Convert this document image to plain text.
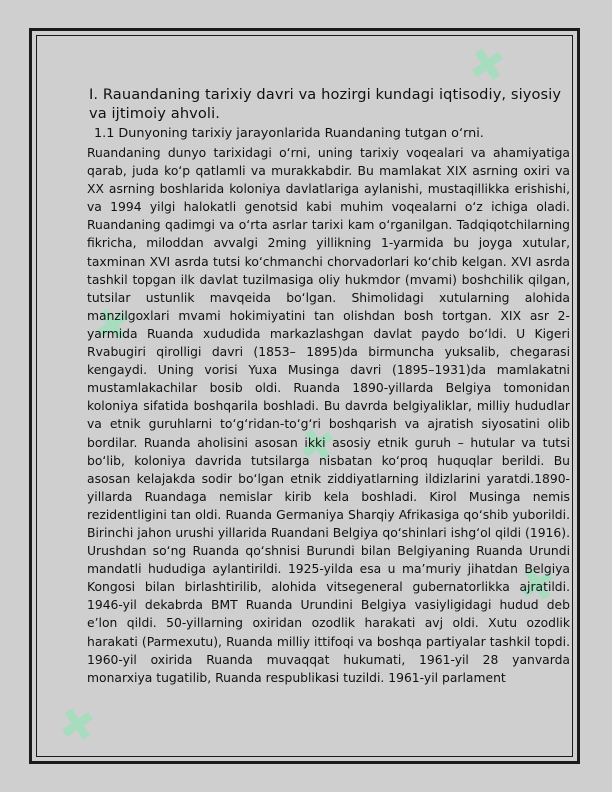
✚
✚
✚
✚
✚
I. Rauandaning tarixiy davri va hozirgi kundagi iqtisodiy, siyosiy va ijtimoiy ahvoli.
1.1 Dunyoning tarixiy jarayonlarida Ruandaning tutgan o‘rni.

Ruandaning dunyo tarixidagi o‘rni, uning tarixiy voqealari va ahamiyatiga qarab, juda ko‘p qatlamli va murakkabdir. Bu mamlakat XIX asrning oxiri va XX asrning boshlarida koloniya davlatlariga aylanishi, mustaqillikka erishishi, va 1994 yilgi halokatli genotsid kabi muhim voqealarni o‘z ichiga oladi. Ruandaning qadimgi va o‘rta asrlar tarixi kam o‘rganilgan. Tadqiqotchilarning fikricha, miloddan avvalgi 2ming yillikning 1-yarmida bu joyga xutular, taxminan XVI asrda tutsi ko‘chmanchi chorvadorlari ko‘chib kelgan. XVI asrda tashkil topgan ilk davlat tuzilmasiga oliy hukmdor (mvami) boshchilik qilgan, tutsilar ustunlik mavqeida bo‘lgan. Shimolidagi xutularning alohida manzilgoxlari mvami hokimiyatini tan olishdan bosh tortgan. XIX asr 2-yarmida Ruanda xududida markazlashgan davlat paydo bo‘ldi. U Kigeri Rvabugiri qirolligi davri (1853– 1895)da birmuncha yuksalib, chegarasi kengaydi. Uning vorisi Yuxa Musinga davri (1895–1931)da mamlakatni mustamlakachilar bosib oldi. Ruanda 1890-yillarda Belgiya tomonidan koloniya sifatida boshqarila boshladi. Bu davrda belgiyaliklar, milliy hududlar va etnik guruhlarni to‘g‘ridan-to‘g‘ri boshqarish va ajratish siyosatini olib bordilar. Ruanda aholisini asosan ikki asosiy etnik guruh – hutular va tutsi bo‘lib, koloniya davrida tutsilarga nisbatan ko‘proq huquqlar berildi. Bu asosan kelajakda sodir bo‘lgan etnik ziddiyatlarning ildizlarini yaratdi.1890-yillarda Ruandaga nemislar kirib kela boshladi. Kirol Musinga nemis rezidentligini tan oldi. Ruanda Germaniya Sharqiy Afrikasiga qo‘shib yuborildi. Birinchi jahon urushi yillarida Ruandani Belgiya qo‘shinlari ishg‘ol qildi (1916). Urushdan so‘ng Ruanda qo‘shnisi Burundi bilan Belgiyaning Ruanda Urundi mandatli hududiga aylantirildi. 1925-yilda esa u ma’muriy jihatdan Belgiya Kongosi bilan birlashtirilib, alohida vitsegeneral gubernatorlikka ajratildi. 1946-yil dekabrda BMT Ruanda Urundini Belgiya vasiyligidagi hudud deb e’lon qildi. 50-yillarning oxiridan ozodlik harakati avj oldi. Xutu ozodlik harakati (Parmexutu), Ruanda milliy ittifoqi va boshqa partiyalar tashkil topdi. 1960-yil oxirida Ruanda muvaqqat hukumati, 1961-yil 28 yanvarda monarxiya tugatilib, Ruanda respublikasi tuzildi. 1961-yil parlament
